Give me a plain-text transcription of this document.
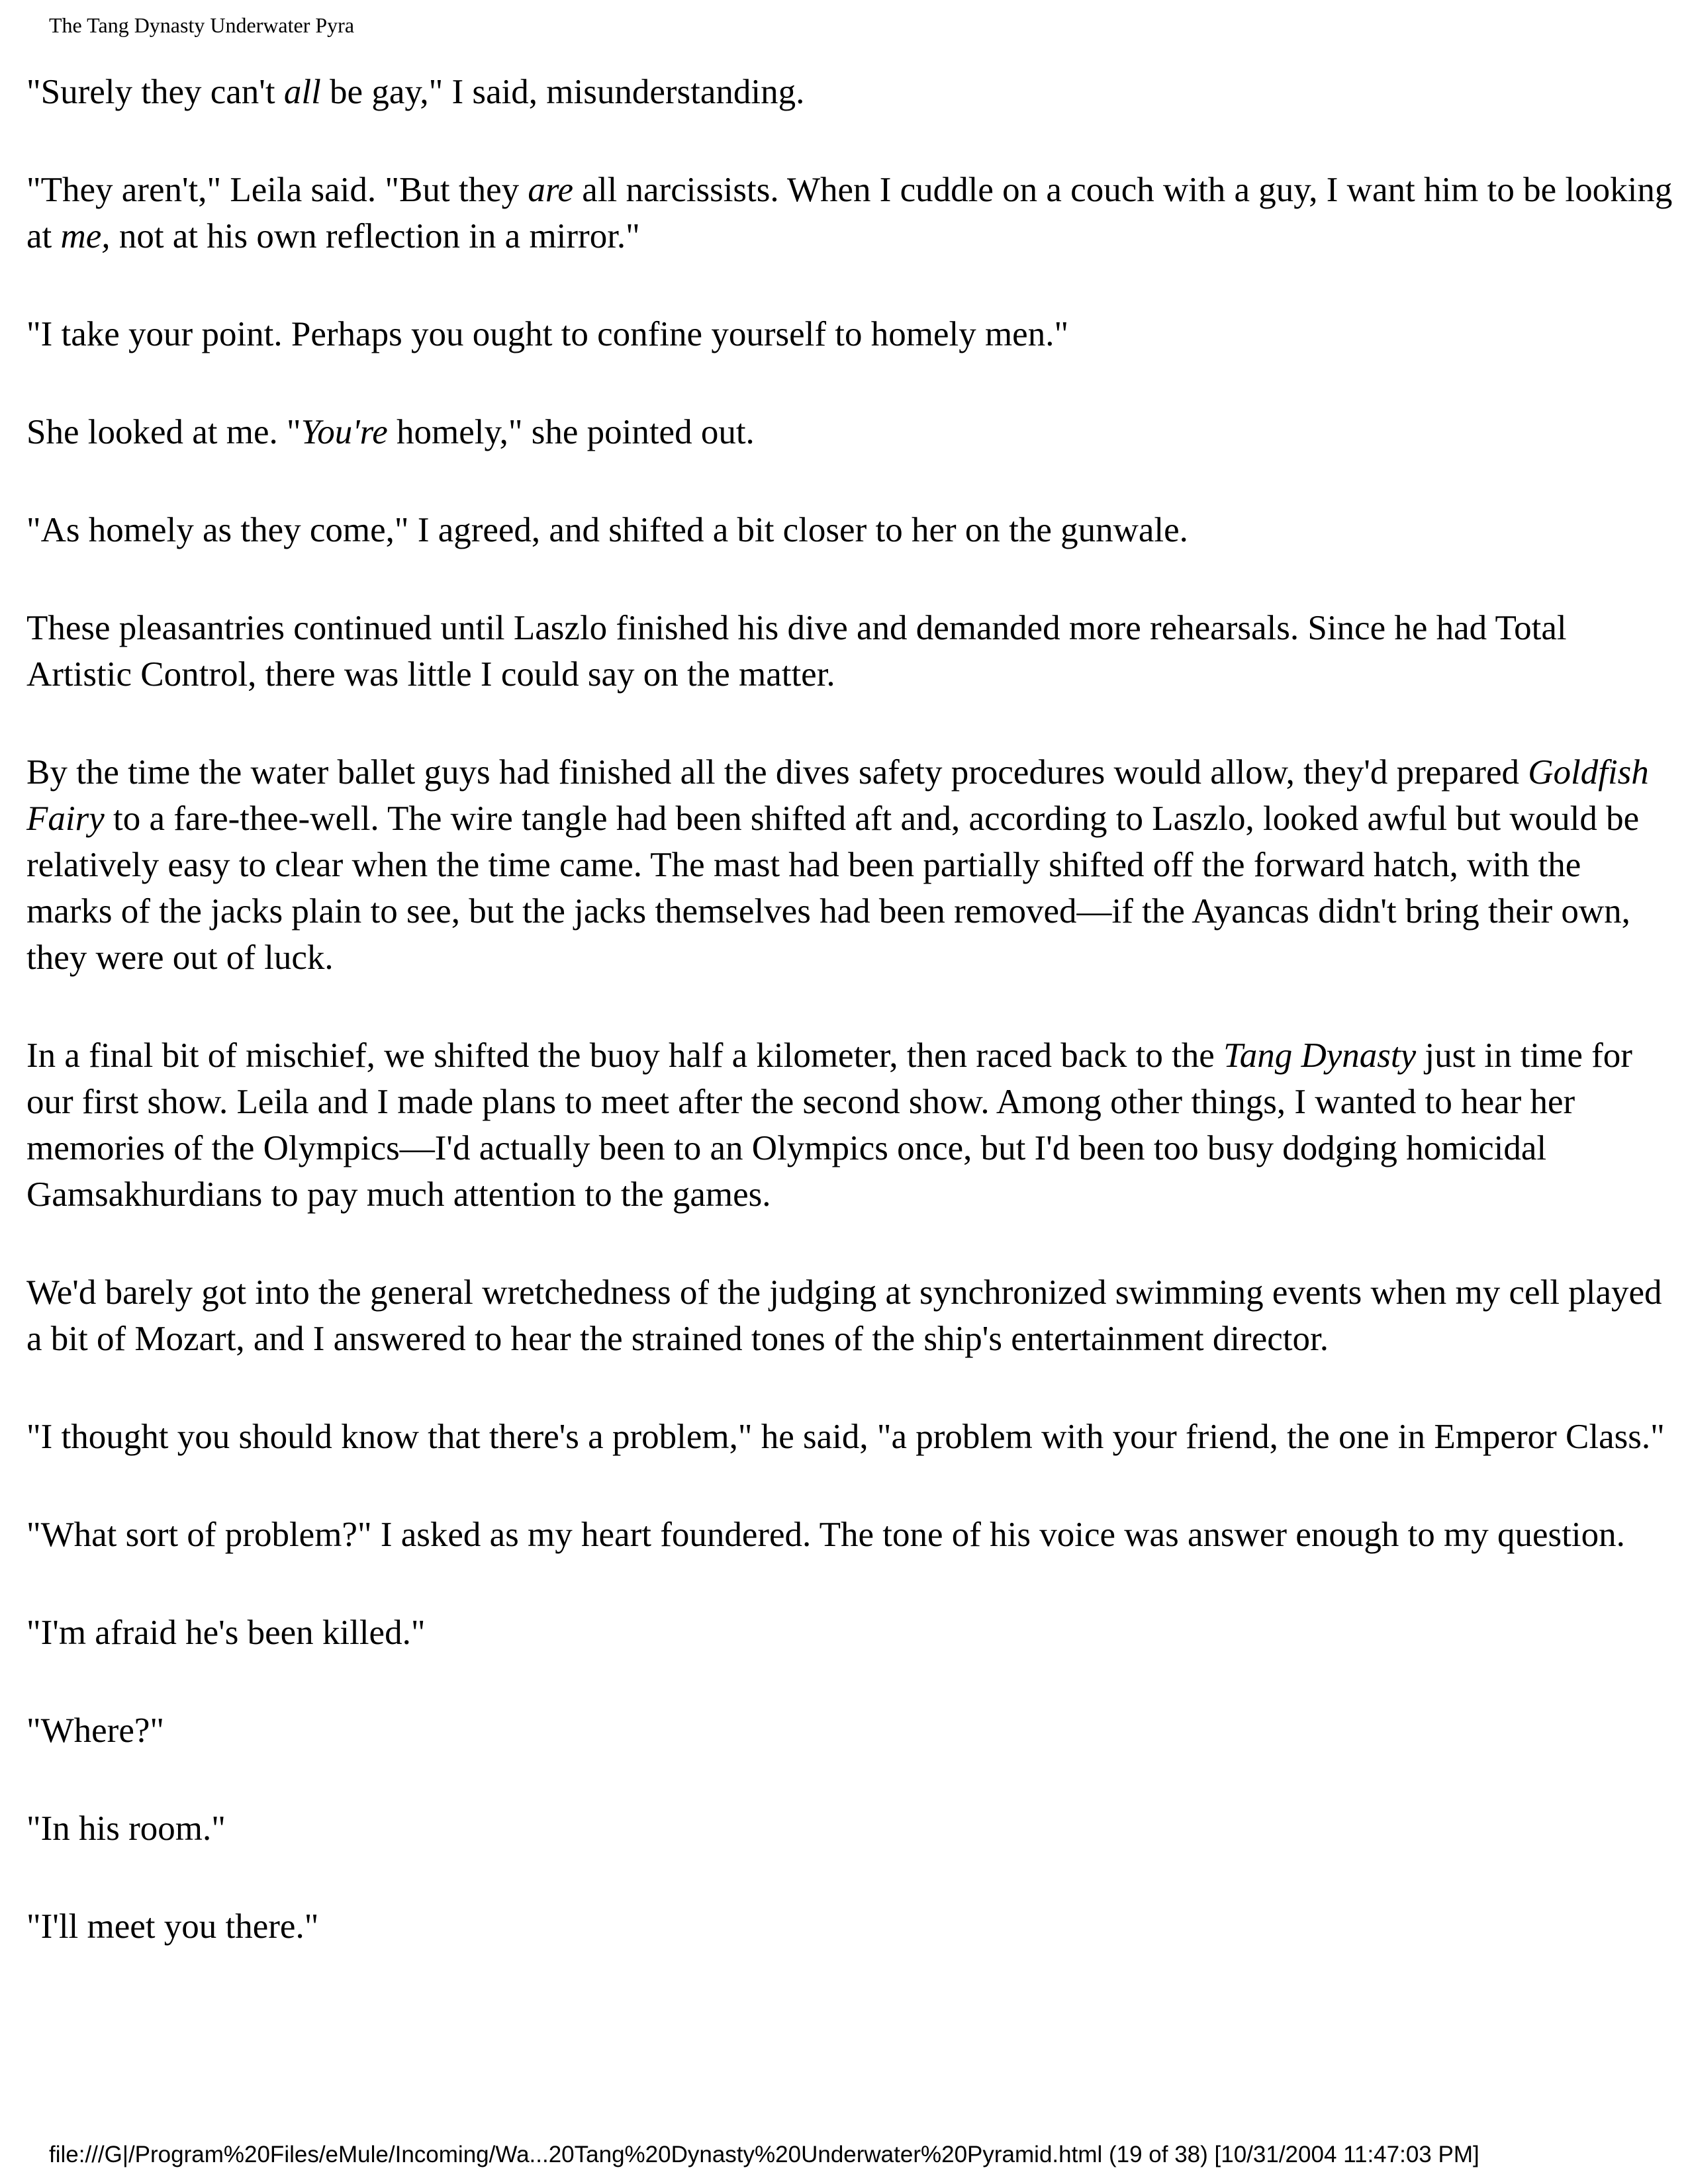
The Tang Dynasty Underwater Pyra

"Surely they can't all be gay," I said, misunderstanding.

"They aren't," Leila said. "But they are all narcissists. When I cuddle on a couch with a guy, I want him to be looking at me, not at his own reflection in a mirror."

"I take your point. Perhaps you ought to confine yourself to homely men."

She looked at me. "You're homely," she pointed out.

"As homely as they come," I agreed, and shifted a bit closer to her on the gunwale.

These pleasantries continued until Laszlo finished his dive and demanded more rehearsals. Since he had Total Artistic Control, there was little I could say on the matter.

By the time the water ballet guys had finished all the dives safety procedures would allow, they'd prepared Goldfish Fairy to a fare-thee-well. The wire tangle had been shifted aft and, according to Laszlo, looked awful but would be relatively easy to clear when the time came. The mast had been partially shifted off the forward hatch, with the marks of the jacks plain to see, but the jacks themselves had been removed—if the Ayancas didn't bring their own, they were out of luck.

In a final bit of mischief, we shifted the buoy half a kilometer, then raced back to the Tang Dynasty just in time for our first show. Leila and I made plans to meet after the second show. Among other things, I wanted to hear her memories of the Olympics—I'd actually been to an Olympics once, but I'd been too busy dodging homicidal Gamsakhurdians to pay much attention to the games.

We'd barely got into the general wretchedness of the judging at synchronized swimming events when my cell played a bit of Mozart, and I answered to hear the strained tones of the ship's entertainment director.

"I thought you should know that there's a problem," he said, "a problem with your friend, the one in Emperor Class."

"What sort of problem?" I asked as my heart foundered. The tone of his voice was answer enough to my question.

"I'm afraid he's been killed."

"Where?"

"In his room."

"I'll meet you there."

file:///G|/Program%20Files/eMule/Incoming/Wa...20Tang%20Dynasty%20Underwater%20Pyramid.html (19 of 38) [10/31/2004 11:47:03 PM]
